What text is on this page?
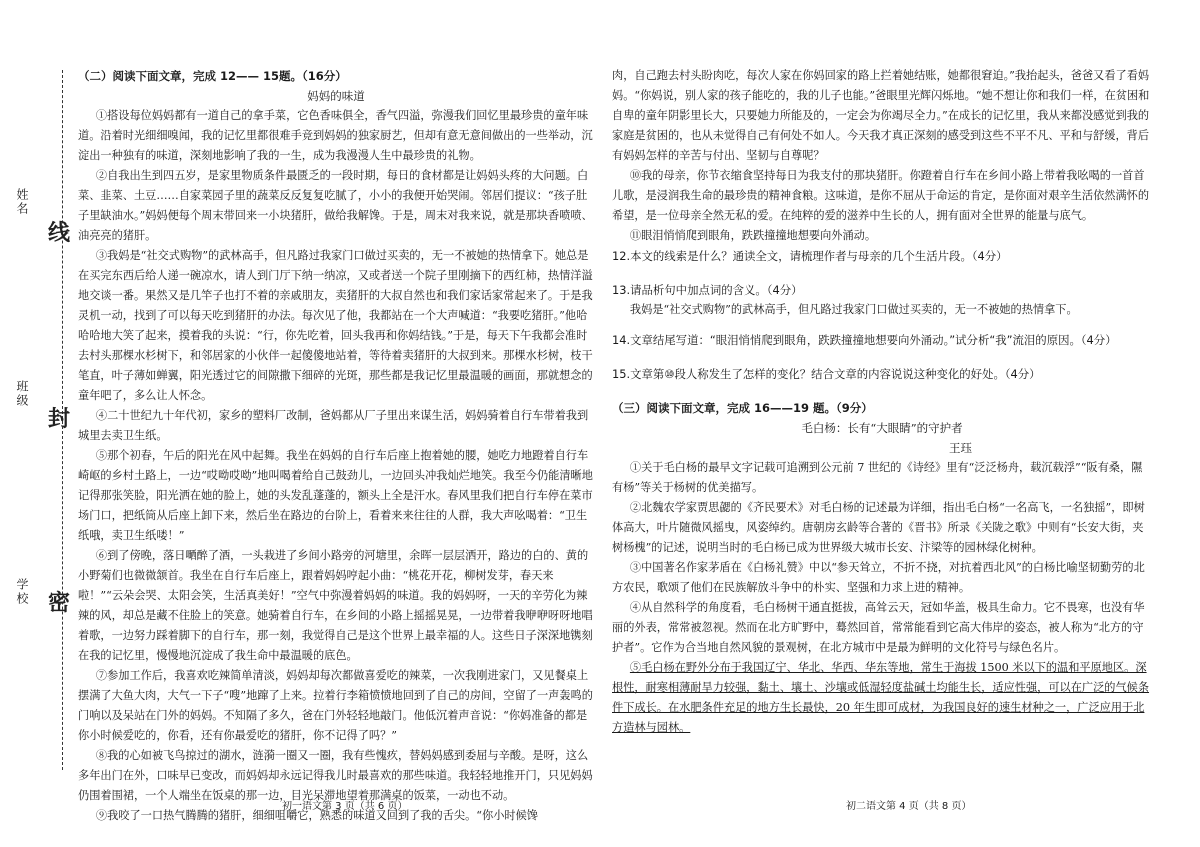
姓名
班级
学校
线
封
密

（二）阅读下面文章，完成 12—— 15题。（16分）

妈妈的味道

①搭设每位妈妈都有一道自己的拿手菜，它色香味俱全，香气四溢，弥漫我们回忆里最珍贵的童年味道。沿着时光细细嗅闻，我的记忆里都很难手竞到妈妈的独家厨艺，但却有意无意间做出的一些举动，沉淀出一种独有的味道，深刻地影响了我的一生，成为我漫漫人生中最珍贵的礼物。

②自我出生到四五岁，是家里物质条件最匮乏的一段时期，每日的食材都是让妈妈头疼的大问题。白菜、韭菜、土豆……自家菜园子里的蔬菜反反复复吃腻了，小小的我便开始哭闹。邻居们提议：“孩子肚子里缺油水。”妈妈便每个周末带回来一小块猪肝，做给我解馋。于是，周末对我来说，就是那块香喷喷、油亮亮的猪肝。

③我妈是“社交式购物”的武林高手，但凡路过我家门口做过买卖的，无一不被她的热情拿下。她总是在买完东西后给人递一碗凉水，请人到门厅下纳一纳凉，又或者送一个院子里刚摘下的西红柿，热情洋溢地交谈一番。果然又是几竿子也打不着的亲戚朋友，卖猪肝的大叔自然也和我们家话家常起来了。于是我灵机一动，找到了可以每天吃到猪肝的办法。每次见了他，我都站在一个大声喊道：“我要吃猪肝。”他哈哈哈地大笑了起来，摸着我的头说：“行，你先吃着，回头我再和你妈结钱。”于是，每天下午我都会准时去村头那棵水杉树下，和邻居家的小伙伴一起傻傻地站着，等待着卖猪肝的大叔到来。那棵水杉树，枝干笔直，叶子薄如蝉翼，阳光透过它的间隙撒下细碎的光斑，那些都是我记忆里最温暖的画面，那就想念的童年吧了，多么让人怀念。

④二十世纪九十年代初，家乡的塑料厂改制，爸妈都从厂子里出来谋生活，妈妈骑着自行车带着我到城里去卖卫生纸。

⑤那个初春，午后的阳光在风中起舞。我坐在妈妈的自行车后座上抱着她的腰，她吃力地蹬着自行车崎岖的乡村土路上，一边“哎呦哎呦”地叫喝着给自己鼓劲儿，一边回头冲我灿烂地笑。我至今仍能清晰地记得那张笑脸，阳光洒在她的脸上，她的头发乱蓬蓬的，额头上全是汗水。春风里我们把自行车停在菜市场门口，把纸筒从后座上卸下来，然后坐在路边的台阶上，看着来来往往的人群，我大声吆喝着：“卫生纸哦，卖卫生纸喽！”

⑥到了傍晚，落日嗮醉了酒，一头栽进了乡间小路旁的河塘里，余晖一层层洒开，路边的白的、黄的小野菊们也微微颔首。我坐在自行车后座上，跟着妈妈哼起小曲：“桃花开花，柳树发芽，春天来啦！”“云朵会哭、太阳会笑，生活真美好！”空气中弥漫着妈妈的味道。我的妈妈呀，一天的辛劳化为辣辣的风，却总是藏不住脸上的笑意。她骑着自行车，在乡间的小路上摇摇晃晃，一边带着我咿咿呀呀地唱着歌，一边努力踩着脚下的自行车，那一刻，我觉得自己是这个世界上最幸福的人。这些日子深深地镌刻在我的记忆里，慢慢地沉淀成了我生命中最温暖的底色。

⑦参加工作后，我喜欢吃辣简单清淡，妈妈却每次都做喜爱吃的辣菜，一次我刚进家门，又见餐桌上摆满了大鱼大肉，大气一下子“嗖”地蹿了上来。拉着行李箱愤愤地回到了自己的房间，空留了一声轰鸣的门响以及呆站在门外的妈妈。不知隔了多久，爸在门外轻轻地敲门。他低沉着声音说：“你妈准备的都是你小时候爱吃的，你看，还有你最爱吃的猪肝，你不记得了吗？”

⑧我的心如被飞鸟掠过的湖水，涟漪一圈又一圈，我有些愧疚，替妈妈感到委屈与辛酸。是呀，这么多年出门在外，口味早已变改，而妈妈却永远记得我儿时最喜欢的那些味道。我轻轻地推开门，只见妈妈仍围着围裙，一个人端坐在饭桌的那一边，目光呆滞地望着那满桌的饭菜，一动也不动。

⑨我咬了一口热气腾腾的猪肝，细细咀嚼它，熟悉的味道又回到了我的舌尖。“你小时候馋

肉，自己跑去村头盼肉吃，每次人家在你妈回家的路上拦着她结账，她都很窘迫。”我抬起头，爸爸又看了看妈妈。“你妈说，别人家的孩子能吃的，我的儿子也能。”爸眼里光辉闪烁地。“她不想让你和我们一样，在贫困和自卑的童年阴影里长大，只要她力所能及的，一定会为你竭尽全力。”在成长的记忆里，我从来都没感觉到我的家庭是贫困的，也从未觉得自己有何处不如人。今天我才真正深刻的感受到这些不平不凡、平和与舒缓，背后有妈妈怎样的辛苦与付出、坚韧与自尊呢？

⑩我的母亲，你节衣缩食坚持每日为我支付的那块猪肝。你蹬着自行车在乡间小路上带着我吆喝的一首首儿歌，是浸润我生命的最珍贵的精神食粮。这味道，是你不屈从于命运的肯定，是你面对艰辛生活依然满怀的希望，是一位母亲全然无私的爱。在纯粹的爱的滋养中生长的人，拥有面对全世界的能量与底气。

⑪眼泪悄悄爬到眼角，跌跌撞撞地想要向外涌动。

12.本文的线索是什么？通读全文，请梳理作者与母亲的几个生活片段。（4分）

13.请品析句中加点词的含义。（4分）

我妈是“社交式购物”的武林高手，但凡路过我家门口做过买卖的，无一不被她的热情拿下。

14.文章结尾写道：“眼泪悄悄爬到眼角，跌跌撞撞地想要向外涌动。”试分析“我”流泪的原因。（4分）

15.文章第⑩段人称发生了怎样的变化？结合文章的内容说说这种变化的好处。（4分）

（三）阅读下面文章，完成 16——19 题。（9分）

毛白杨：长有“大眼睛”的守护者

王珏

①关于毛白杨的最早文字记载可追溯到公元前 7 世纪的《诗经》里有“泛泛杨舟，载沉载浮”“阪有桑，隰有杨”等关于杨树的优美描写。

②北魏农学家贾思勰的《齐民要术》对毛白杨的记述最为详细，指出毛白杨“一名高飞，一名独摇”，即树体高大，叶片随微风摇曳，风姿绰约。唐朝房玄龄等合著的《晋书》所录《关陇之歌》中则有“长安大街，夹树杨槐”的记述，说明当时的毛白杨已成为世界级大城市长安、汴梁等的园林绿化树种。

③中国著名作家茅盾在《白杨礼赞》中以“参天耸立，不折不挠，对抗着西北风”的白杨比喻坚韧勤劳的北方农民，歌颂了他们在民族解放斗争中的朴实、坚强和力求上进的精神。

④从自然科学的角度看，毛白杨树干通直挺拔，高耸云天，冠如华盖，极具生命力。它不畏寒，也没有华丽的外表，常常被忽视。然而在北方旷野中，蓦然回首，常常能看到它高大伟岸的姿态，被人称为“北方的守护者”。它作为合当地自然风貌的景观树，在北方城市中是最为鲜明的文化符号与绿色名片。

⑤毛白杨在野外分布于我国辽宁、华北、华西、华东等地，常生于海拔 1500 米以下的温和平原地区。深根性，耐寒相薄耐旱力较强，黏土、壤土、沙壤或低湿轻度盐碱土均能生长，适应性强，可以在广泛的气候条件下成长。在水肥条件充足的地方生长最快，20 年生即可成材，为我国良好的速生材种之一，广泛应用于北方造林与园林。

初一语文第 3 页（共 6 页）	初二语文第 4 页（共 8 页）
